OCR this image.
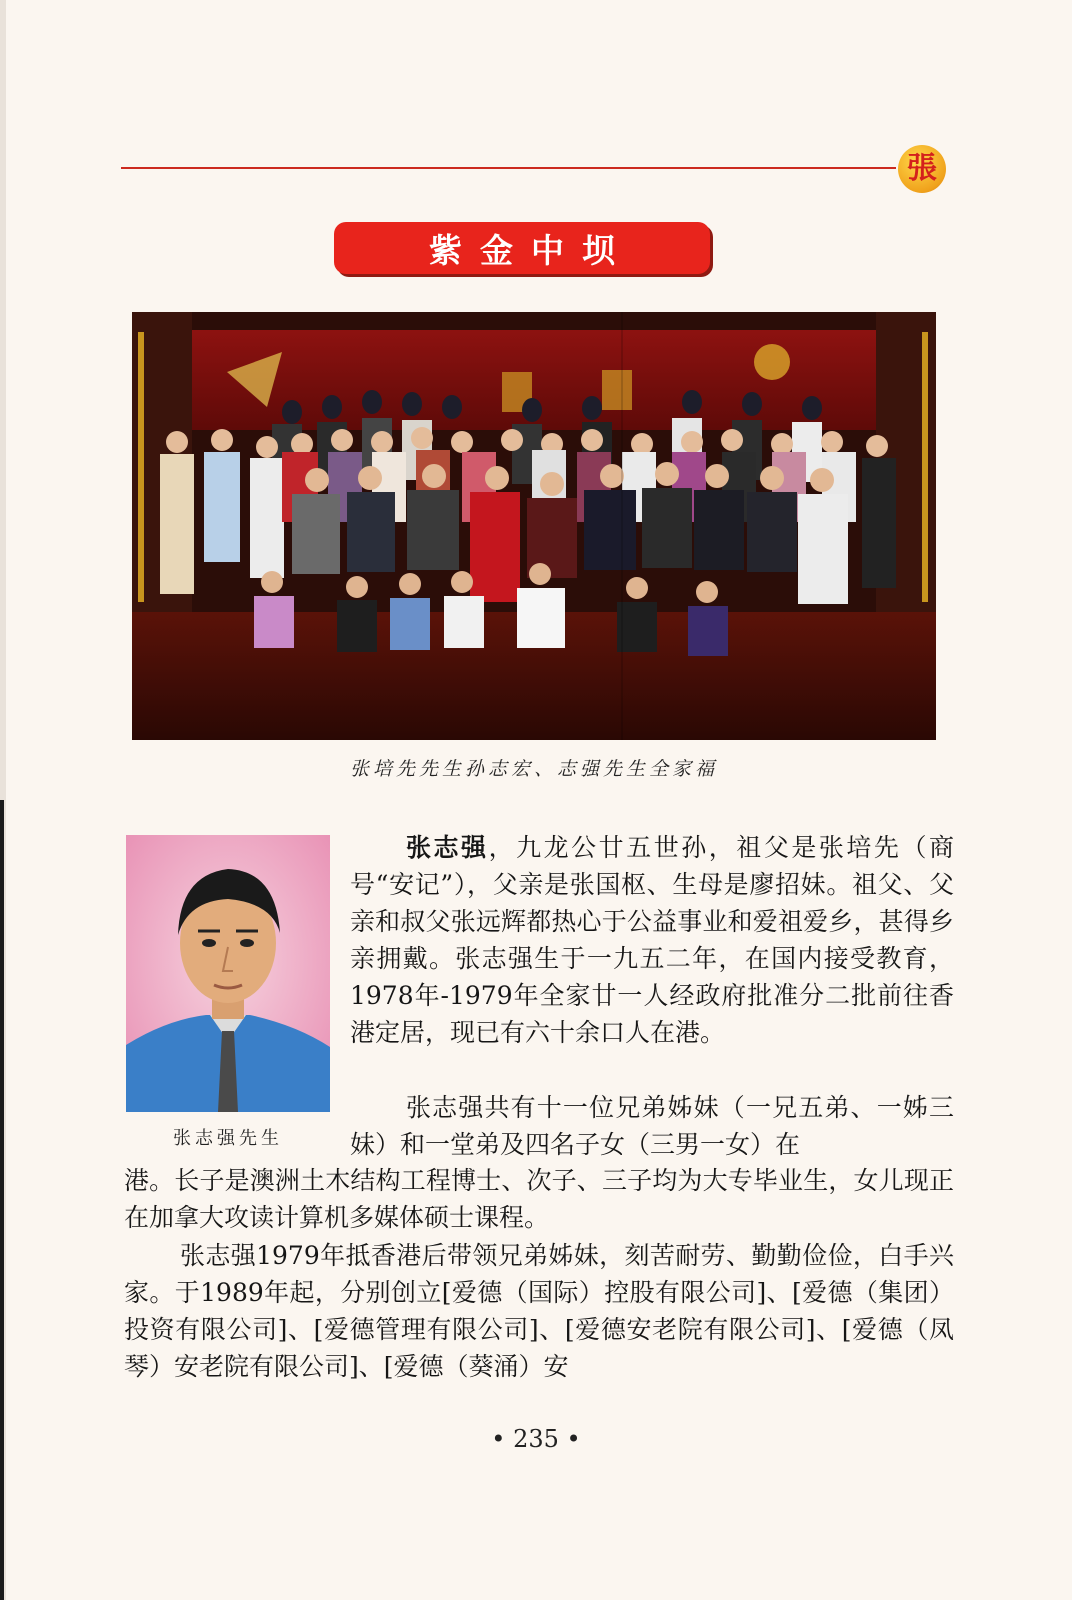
張
紫金中坝
张培先先生孙志宏、志强先生全家福
张志强先生

张志强，九龙公廿五世孙，祖父是张培先（商号“安记”），父亲是张国枢、生母是廖招妹。祖父、父亲和叔父张远辉都热心于公益事业和爱祖爱乡，甚得乡亲拥戴。张志强生于一九五二年，在国内接受教育，1978年-1979年全家廿一人经政府批准分二批前往香港定居，现已有六十余口人在港。

张志强共有十一位兄弟姊妹（一兄五弟、一姊三妹）和一堂弟及四名子女（三男一女）在

港。长子是澳洲土木结构工程博士、次子、三子均为大专毕业生，女儿现正在加拿大攻读计算机多媒体硕士课程。

张志强1979年抵香港后带领兄弟姊妹，刻苦耐劳、勤勤俭俭，白手兴家。于1989年起，分别创立[爱德（国际）控股有限公司]、[爱德（集团）投资有限公司]、[爱德管理有限公司]、[爱德安老院有限公司]、[爱德（凤琴）安老院有限公司]、[爱德（葵涌）安

• 235 •
